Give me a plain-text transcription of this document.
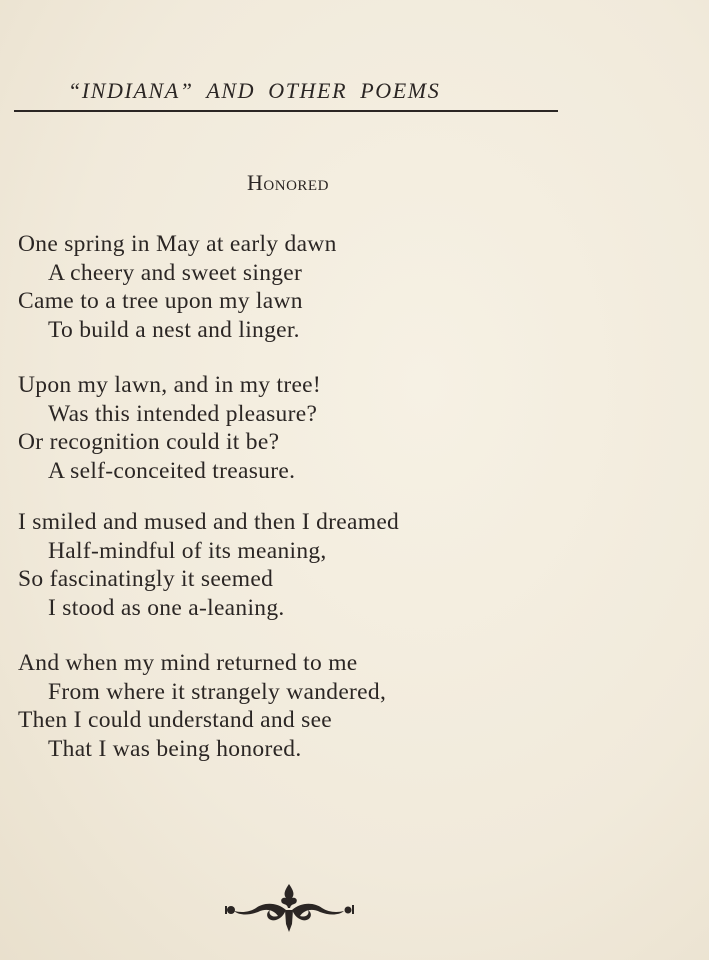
“INDIANA” AND OTHER POEMS
Honored
One spring in May at early dawn
A cheery and sweet singer
Came to a tree upon my lawn
To build a nest and linger.
Upon my lawn, and in my tree!
Was this intended pleasure?
Or recognition could it be?
A self-conceited treasure.
I smiled and mused and then I dreamed
Half-mindful of its meaning,
So fascinatingly it seemed
I stood as one a-leaning.
And when my mind returned to me
From where it strangely wandered,
Then I could understand and see
That I was being honored.
